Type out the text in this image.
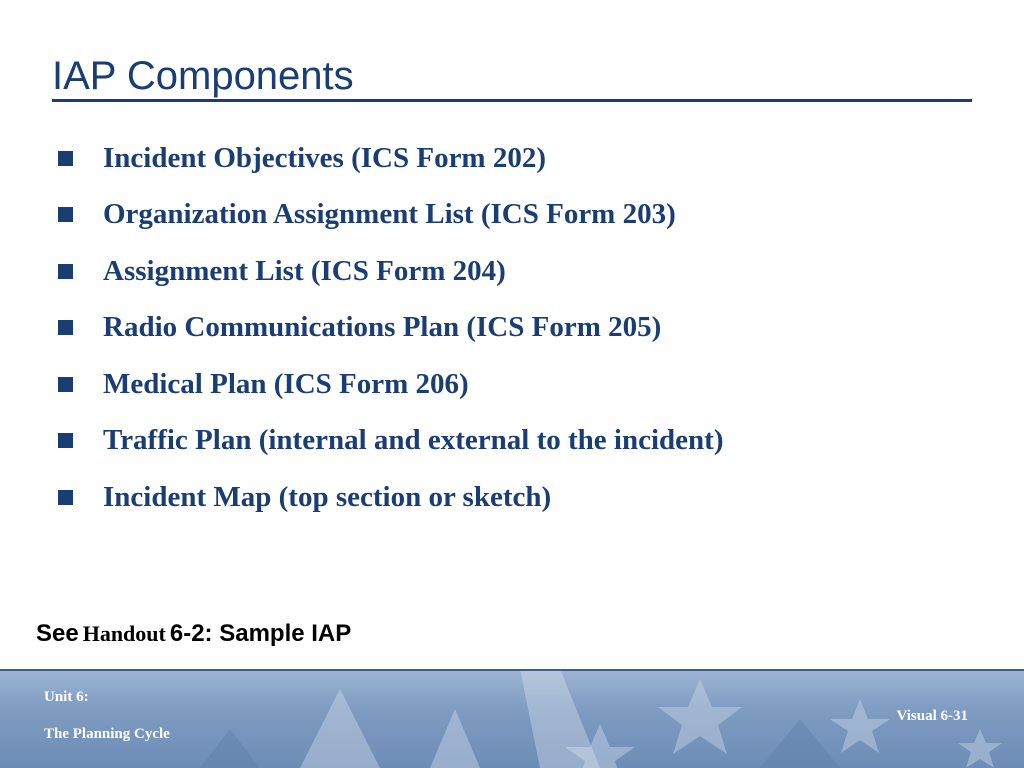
IAP Components
Incident Objectives (ICS Form 202)
Organization Assignment List (ICS Form 203)
Assignment List (ICS Form 204)
Radio Communications Plan (ICS Form 205)
Medical Plan (ICS Form 206)
Traffic Plan (internal and external to the incident)
Incident Map (top section or sketch)
See Handout 6-2: Sample IAP
Unit 6:
The Planning Cycle
Visual 6-31
